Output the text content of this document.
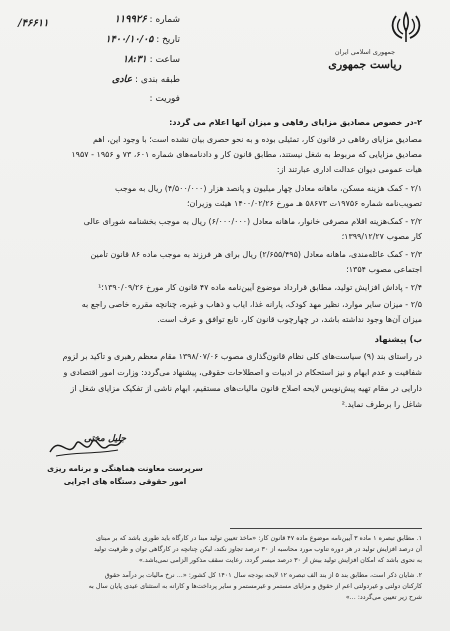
۴۶۶۱۱/	شماره : ۱۱۹۹۲۶
تاریخ : ۱۴۰۰/۱۰/۰۵
ساعت : ۱۸:۳۱
طبقه بندی : عادی
فوریت :
جمهوری اسلامی ایران
ریاست جمهوری
۲-در خصوص مصادیق مزایای رفاهی و میزان آنها اعلام می گردد:
مصادیق مزایای رفاهی در قانون کار، تمثیلی بوده و به نحو حصری بیان نشده است؛ با وجود این، اهم
مصادیق مزایایی که مربوط به شغل نیستند، مطابق قانون کار و دادنامه‌های شماره ۶۰۱، ۷۳ و ۱۹۵۶ - ۱۹۵۷
هیأت عمومی دیوان عدالت اداری عبارتند از:
۲/۱ - کمک هزینه مسکن، ماهانه معادل چهار میلیون و پانصد هزار (۴/۵۰۰/۰۰۰) ریال به موجب
تصویب‌نامه شماره ۱۹۷۵۶ت ۵۸۶۷۳ هـ مورخ ۱۴۰۰/۰۲/۲۶ هیئت وزیران؛
۲/۲ - کمک‌هزینه اقلام مصرفی خانوار، ماهانه معادل (۶/۰۰۰/۰۰۰) ریال به موجب بخشنامه شورای عالی
کار مصوب ۱۳۹۹/۱۲/۲۷؛
۲/۳ - کمک عائله‌مندی، ماهانه معادل (۲/۶۵۵/۴۹۵) ریال برای هر فرزند به موجب ماده ۸۶ قانون تأمین
اجتماعی مصوب ۱۳۵۴؛
۲/۴ - پاداش افزایش تولید، مطابق قرارداد موضوع آیین‌نامه ماده ۴۷ قانون کار مورخ ۱۳۹۰/۰۹/۲۶؛¹
۲/۵ - میزان سایر موارد، نظیر مهد کودک، یارانه غذا، ایاب و ذهاب و غیره، چنانچه مقرره خاصی راجع به
میزان آن‌ها وجود نداشته باشد، در چهارچوب قانون کار، تابع توافق و عرف است.
ب) پیشنهاد
در راستای بند (۹) سیاست‌های کلی نظام قانون‌گذاری مصوب ۱۳۹۸/۰۷/۰۶ مقام معظم رهبری و تأکید بر لزوم
شفافیت و عدم ابهام و نیز استحکام در ادبیات و اصطلاحات حقوقی، پیشنهاد می‌گردد: وزارت امور اقتصادی و
دارایی در مقام تهیه پیش‌نویس لایحه اصلاح قانون مالیات‌های مستقیم، ابهام ناشی از تفکیک مزایای شغل از
شاغل را برطرف نماید.²
جلیل مختی
سرپرست معاونت هماهنگی و برنامه ریزی
امور حقوقی دستگاه های اجرایی
۱. مطابق تبصره ۱ ماده ۳ آیین‌نامه موضوع ماده ۴۷ قانون کار: «ماخذ تعیین تولید مبنا در کارگاه باید طوری باشد که بر مبنای
آن درصد افزایش تولید در هر دوره تناوب مورد محاسبه از ۳۰ درصد تجاوز نکند، لیکن چنانچه در کارگاهی توان و ظرفیت تولید
به نحوی باشد که امکان افزایش تولید بیش از ۳۰ درصد میسر گردد، رعایت سقف مذکور الزامی نمی‌باشد.»
۲. شایان ذکر است، مطابق بند ۵ از بند الف تبصره ۱۲ لایحه بودجه سال ۱۴۰۱ کل کشور: «... نرخ مالیات بر درآمد حقوق
کارکنان دولتی و غیردولتی اعم از حقوق و مزایای مستمر و غیرمستمر و سایر پرداخت‌ها و کارانه به استثنای عیدی پایان سال به
شرح زیر تعیین می‌گردد: ...»
